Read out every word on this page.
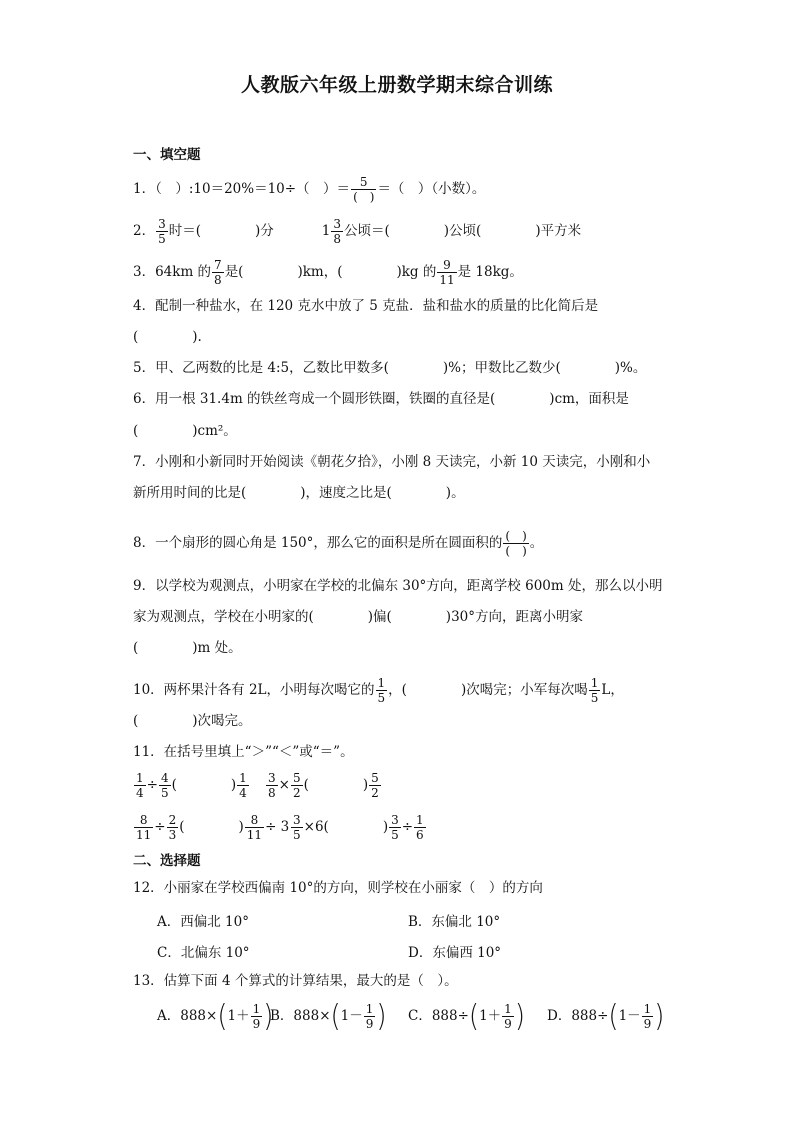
人教版六年级上册数学期末综合训练
一、填空题
1．（　）:10＝20%＝10÷（　）＝ $\frac{5}{( )}$ ＝（　）（小数）。
2． $\frac{3}{5}$ 时＝(　　　　)分	$1 \frac{3}{8}$ 公顷＝(　　　　)公顷(　　　　)平方米
3．64km 的 $\frac{7}{8}$ 是(　　　　)km，(　　　　)kg 的 $\frac{9}{11}$ 是 18kg。
4．配制一种盐水，在 120 克水中放了 5 克盐．盐和盐水的质量的比化简后是
(　　　　).
5．甲、乙两数的比是 4:5，乙数比甲数多(　　　　)%；甲数比乙数少(　　　　)%。
6．用一根 31.4m 的铁丝弯成一个圆形铁圈，铁圈的直径是(　　　　)cm，面积是
(　　　　)cm²。
7．小刚和小新同时开始阅读《朝花夕拾》，小刚 8 天读完，小新 10 天读完，小刚和小
新所用时间的比是(　　　　)，速度之比是(　　　　)。
8．一个扇形的圆心角是 150°，那么它的面积是所在圆面积的 $\frac{( )}{( )}$ 。
9．以学校为观测点，小明家在学校的北偏东 30°方向，距离学校 600m 处，那么以小明
家为观测点，学校在小明家的(　　　　)偏(　　　　)30°方向，距离小明家
(　　　　)m 处。
10．两杯果汁各有 2L，小明每次喝它的 $\frac{1}{5}$ ，(　　　　)次喝完；小军每次喝 $\frac{1}{5}$ L，
(　　　　)次喝完。
11．在括号里填上“＞”“＜”或“＝”。
$\frac{1}{4} \div \frac{4}{5}$ (　　　　) $\frac{1}{4} \frac{3}{8} \times \frac{5}{2}$ (　　　　) $\frac{5}{2}$
$\frac{8}{11} \div \frac{2}{3}$ (　　　　) $\frac{8}{11} \div 3 \frac{3}{5} \times 6$(　　　　) $\frac{3}{5} \div \frac{1}{6}$
二、选择题
12．小丽家在学校西偏南 10°的方向，则学校在小丽家（　）的方向
A．西偏北 10°	B．东偏北 10°
C．北偏东 10°	D．东偏西 10°
13．估算下面 4 个算式的计算结果，最大的是（　）。
A．$888\times(1+ \frac{1}{9}$ )
B．$888\times(1- \frac{1}{9}$ ) C．$888\div(1+ \frac{1}{9}$ ) D．$888\div(1- \frac{1}{9}$ )
